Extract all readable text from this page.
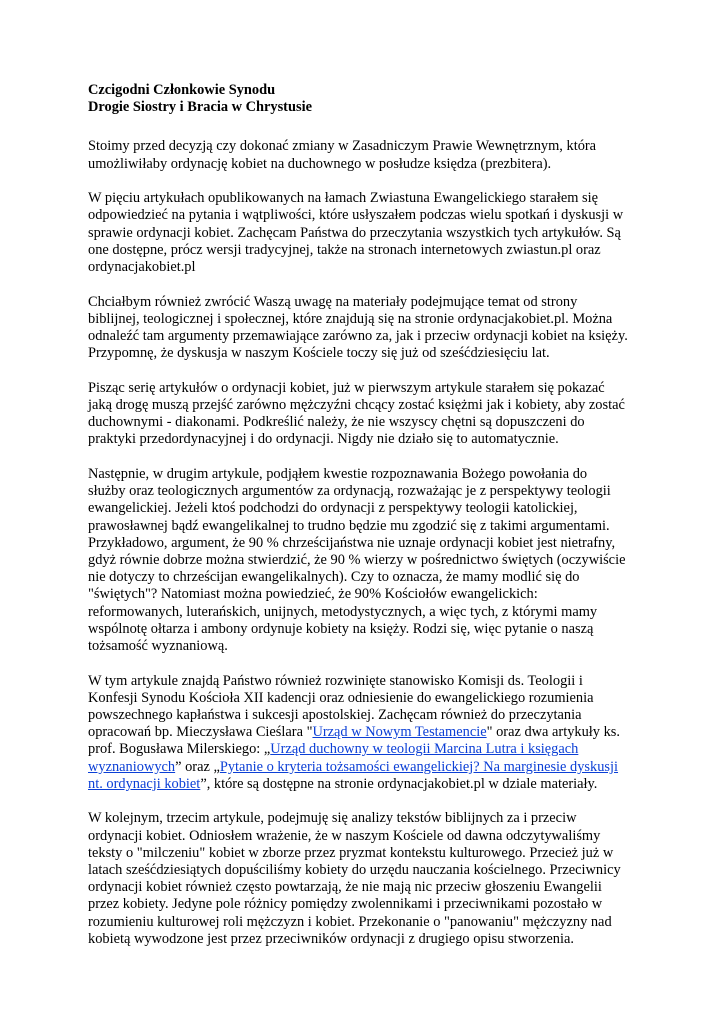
Czcigodni Członkowie Synodu
Drogie Siostry i Bracia w Chrystusie
Stoimy przed decyzją czy dokonać zmiany w Zasadniczym Prawie Wewnętrznym, która
umożliwiłaby ordynację kobiet na duchownego w posłudze księdza (prezbitera).
W pięciu artykułach opublikowanych na łamach Zwiastuna Ewangelickiego starałem się
odpowiedzieć na pytania i wątpliwości, które usłyszałem podczas wielu spotkań i dyskusji w
sprawie ordynacji kobiet. Zachęcam Państwa do przeczytania wszystkich tych artykułów. Są
one dostępne, prócz wersji tradycyjnej, także na stronach internetowych zwiastun.pl oraz
ordynacjakobiet.pl
Chciałbym również zwrócić Waszą uwagę na materiały podejmujące temat od strony
biblijnej, teologicznej i społecznej, które znajdują się na stronie ordynacjakobiet.pl. Można
odnaleźć tam argumenty przemawiające zarówno za, jak i przeciw ordynacji kobiet na księży.
Przypomnę, że dyskusja w naszym Kościele toczy się już od sześćdziesięciu lat.
Pisząc serię artykułów o ordynacji kobiet, już w pierwszym artykule starałem się pokazać
jaką drogę muszą przejść zarówno mężczyźni chcący zostać księżmi jak i kobiety, aby zostać
duchownymi - diakonami. Podkreślić należy, że nie wszyscy chętni są dopuszczeni do
praktyki przedordynacyjnej i do ordynacji. Nigdy nie działo się to automatycznie.
Następnie, w drugim artykule, podjąłem kwestie rozpoznawania Bożego powołania do
służby oraz teologicznych argumentów za ordynacją, rozważając je z perspektywy teologii
ewangelickiej. Jeżeli ktoś podchodzi do ordynacji z perspektywy teologii katolickiej,
prawosławnej bądź ewangelikalnej to trudno będzie mu zgodzić się z takimi argumentami.
Przykładowo, argument, że 90 % chrześcijaństwa nie uznaje ordynacji kobiet jest nietrafny,
gdyż równie dobrze można stwierdzić, że 90 % wierzy w pośrednictwo świętych (oczywiście
nie dotyczy to chrześcijan ewangelikalnych). Czy to oznacza, że mamy modlić się do
"świętych"? Natomiast można powiedzieć, że 90% Kościołów ewangelickich:
reformowanych, luterańskich, unijnych, metodystycznych, a więc tych, z którymi mamy
wspólnotę ołtarza i ambony ordynuje kobiety na księży. Rodzi się, więc pytanie o naszą
tożsamość wyznaniową.
W tym artykule znajdą Państwo również rozwinięte stanowisko Komisji ds. Teologii i
Konfesji Synodu Kościoła XII kadencji oraz odniesienie do ewangelickiego rozumienia
powszechnego kapłaństwa i sukcesji apostolskiej. Zachęcam również do przeczytania
opracowań bp. Mieczysława Cieślara "Urząd w Nowym Testamencie" oraz dwa artykuły ks.
prof. Bogusława Milerskiego: „Urząd duchowny w teologii Marcina Lutra i księgach
wyznaniowych” oraz „Pytanie o kryteria tożsamości ewangelickiej? Na marginesie dyskusji
nt. ordynacji kobiet”, które są dostępne na stronie ordynacjakobiet.pl w dziale materiały.
W kolejnym, trzecim artykule, podejmuję się analizy tekstów biblijnych za i przeciw
ordynacji kobiet. Odniosłem wrażenie, że w naszym Kościele od dawna odczytywaliśmy
teksty o "milczeniu" kobiet w zborze przez pryzmat kontekstu kulturowego. Przecież już w
latach sześćdziesiątych dopuściliśmy kobiety do urzędu nauczania kościelnego. Przeciwnicy
ordynacji kobiet również często powtarzają, że nie mają nic przeciw głoszeniu Ewangelii
przez kobiety. Jedyne pole różnicy pomiędzy zwolennikami i przeciwnikami pozostało w
rozumieniu kulturowej roli mężczyzn i kobiet. Przekonanie o "panowaniu" mężczyzny nad
kobietą wywodzone jest przez przeciwników ordynacji z drugiego opisu stworzenia.
